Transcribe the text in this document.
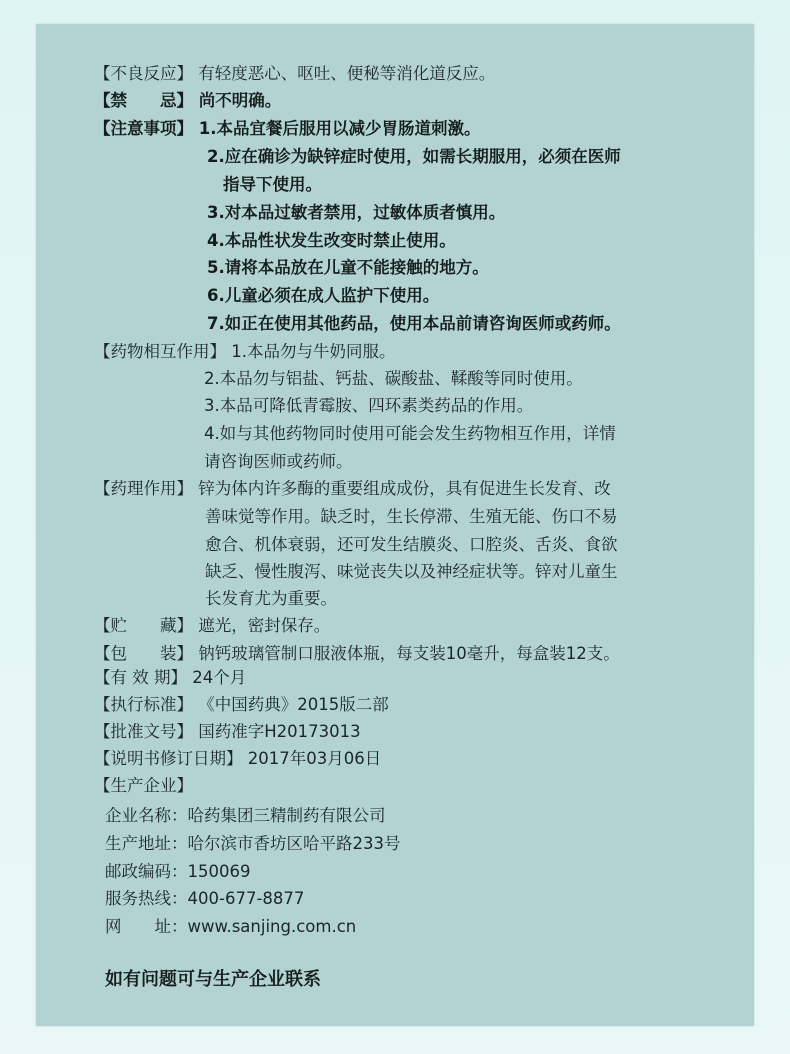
【不良反应】 有轻度恶心、呕吐、便秘等消化道反应。
【禁　　忌】 尚不明确。
【注意事项】 1.本品宜餐后服用以减少胃肠道刺激。
2.应在确诊为缺锌症时使用，如需长期服用，必须在医师
指导下使用。
3.对本品过敏者禁用，过敏体质者慎用。
4.本品性状发生改变时禁止使用。
5.请将本品放在儿童不能接触的地方。
6.儿童必须在成人监护下使用。
7.如正在使用其他药品，使用本品前请咨询医师或药师。
【药物相互作用】 1.本品勿与牛奶同服。
2.本品勿与铝盐、钙盐、碳酸盐、鞣酸等同时使用。
3.本品可降低青霉胺、四环素类药品的作用。
4.如与其他药物同时使用可能会发生药物相互作用，详情
请咨询医师或药师。
【药理作用】 锌为体内许多酶的重要组成成份，具有促进生长发育、改
善味觉等作用。缺乏时，生长停滞、生殖无能、伤口不易
愈合、机体衰弱，还可发生结膜炎、口腔炎、舌炎、食欲
缺乏、慢性腹泻、味觉丧失以及神经症状等。锌对儿童生
长发育尤为重要。
【贮　　藏】 遮光，密封保存。
【包　　装】 钠钙玻璃管制口服液体瓶，每支装10毫升，每盒装12支。
【有 效 期】 24个月
【执行标准】 《中国药典》2015版二部
【批准文号】 国药准字H20173013
【说明书修订日期】 2017年03月06日
【生产企业】
企业名称：哈药集团三精制药有限公司
生产地址：哈尔滨市香坊区哈平路233号
邮政编码：150069
服务热线：400-677-8877
网　　址：www.sanjing.com.cn
如有问题可与生产企业联系
